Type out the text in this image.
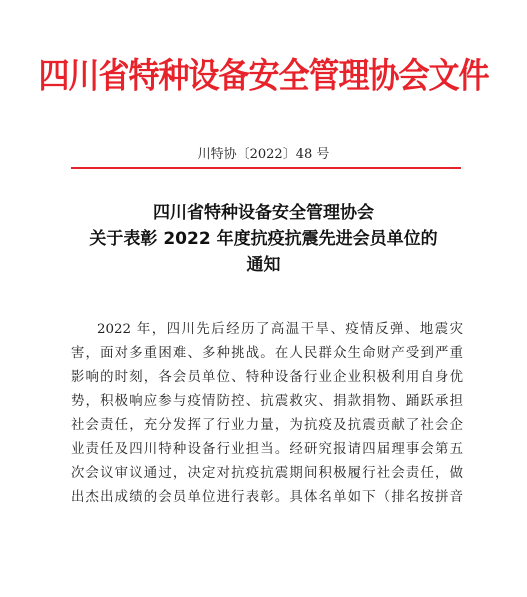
四川省特种设备安全管理协会文件
川特协〔2022〕48 号
四川省特种设备安全管理协会
关于表彰 2022 年度抗疫抗震先进会员单位的
通知
2022 年，四川先后经历了高温干旱、疫情反弹、地震灾
害，面对多重困难、多种挑战。在人民群众生命财产受到严重
影响的时刻，各会员单位、特种设备行业企业积极利用自身优
势，积极响应参与疫情防控、抗震救灾、捐款捐物、踊跃承担
社会责任，充分发挥了行业力量，为抗疫及抗震贡献了社会企
业责任及四川特种设备行业担当。经研究报请四届理事会第五
次会议审议通过，决定对抗疫抗震期间积极履行社会责任，做
出杰出成绩的会员单位进行表彰。具体名单如下（排名按拼音
